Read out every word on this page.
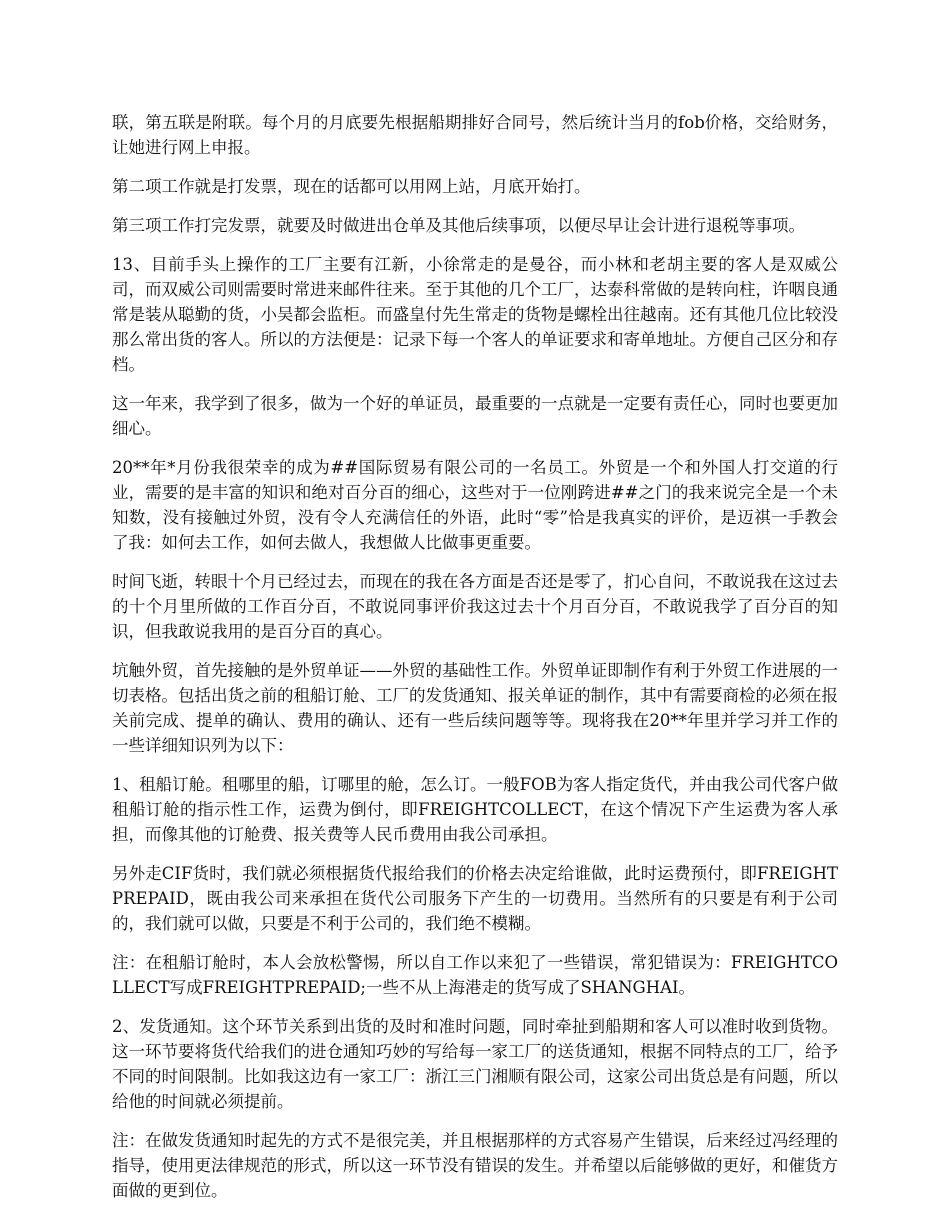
联，第五联是附联。每个月的月底要先根据船期排好合同号，然后统计当月的fob价格，交给财务，让她进行网上申报。

第二项工作就是打发票，现在的话都可以用网上站，月底开始打。

第三项工作打完发票，就要及时做进出仓单及其他后续事项，以便尽早让会计进行退税等事项。

13、目前手头上操作的工厂主要有江新，小徐常走的是曼谷，而小林和老胡主要的客人是双威公司，而双威公司则需要时常进来邮件往来。至于其他的几个工厂，达泰科常做的是转向柱，许咽良通常是装从聪勤的货，小吴都会监柜。而盛皇付先生常走的货物是螺栓出往越南。还有其他几位比较没那么常出货的客人。所以的方法便是：记录下每一个客人的单证要求和寄单地址。方便自己区分和存档。

这一年来，我学到了很多，做为一个好的单证员，最重要的一点就是一定要有责任心，同时也要更加细心。

20**年*月份我很荣幸的成为##国际贸易有限公司的一名员工。外贸是一个和外国人打交道的行业，需要的是丰富的知识和绝对百分百的细心，这些对于一位刚跨进##之门的我来说完全是一个未知数，没有接触过外贸，没有令人充满信任的外语，此时“零”恰是我真实的评价，是迈祺一手教会了我：如何去工作，如何去做人，我想做人比做事更重要。

时间飞逝，转眼十个月已经过去，而现在的我在各方面是否还是零了，扪心自问，不敢说我在这过去的十个月里所做的工作百分百，不敢说同事评价我这过去十个月百分百，不敢说我学了百分百的知识，但我敢说我用的是百分百的真心。

坑触外贸，首先接触的是外贸单证——外贸的基础性工作。外贸单证即制作有利于外贸工作进展的一切表格。包括出货之前的租船订舱、工厂的发货通知、报关单证的制作，其中有需要商检的必须在报关前完成、提单的确认、费用的确认、还有一些后续问题等等。现将我在20**年里并学习并工作的一些详细知识列为以下：

1、租船订舱。租哪里的船，订哪里的舱，怎么订。一般FOB为客人指定货代，并由我公司代客户做租船订舱的指示性工作，运费为倒付，即FREIGHTCOLLECT，在这个情况下产生运费为客人承担，而像其他的订舱费、报关费等人民币费用由我公司承担。

另外走CIF货时，我们就必须根据货代报给我们的价格去决定给谁做，此时运费预付，即FREIGHTPREPAID，既由我公司来承担在货代公司服务下产生的一切费用。当然所有的只要是有利于公司的，我们就可以做，只要是不利于公司的，我们绝不模糊。

注：在租船订舱时，本人会放松警惕，所以自工作以来犯了一些错误，常犯错误为：FREIGHTCOLLECT写成FREIGHTPREPAID;一些不从上海港走的货写成了SHANGHAI。

2、发货通知。这个环节关系到出货的及时和准时问题，同时牵扯到船期和客人可以准时收到货物。这一环节要将货代给我们的进仓通知巧妙的写给每一家工厂的送货通知，根据不同特点的工厂，给予不同的时间限制。比如我这边有一家工厂：浙江三门湘顺有限公司，这家公司出货总是有问题，所以给他的时间就必须提前。

注：在做发货通知时起先的方式不是很完美，并且根据那样的方式容易产生错误，后来经过冯经理的指导，使用更法律规范的形式，所以这一环节没有错误的发生。并希望以后能够做的更好，和催货方面做的更到位。
